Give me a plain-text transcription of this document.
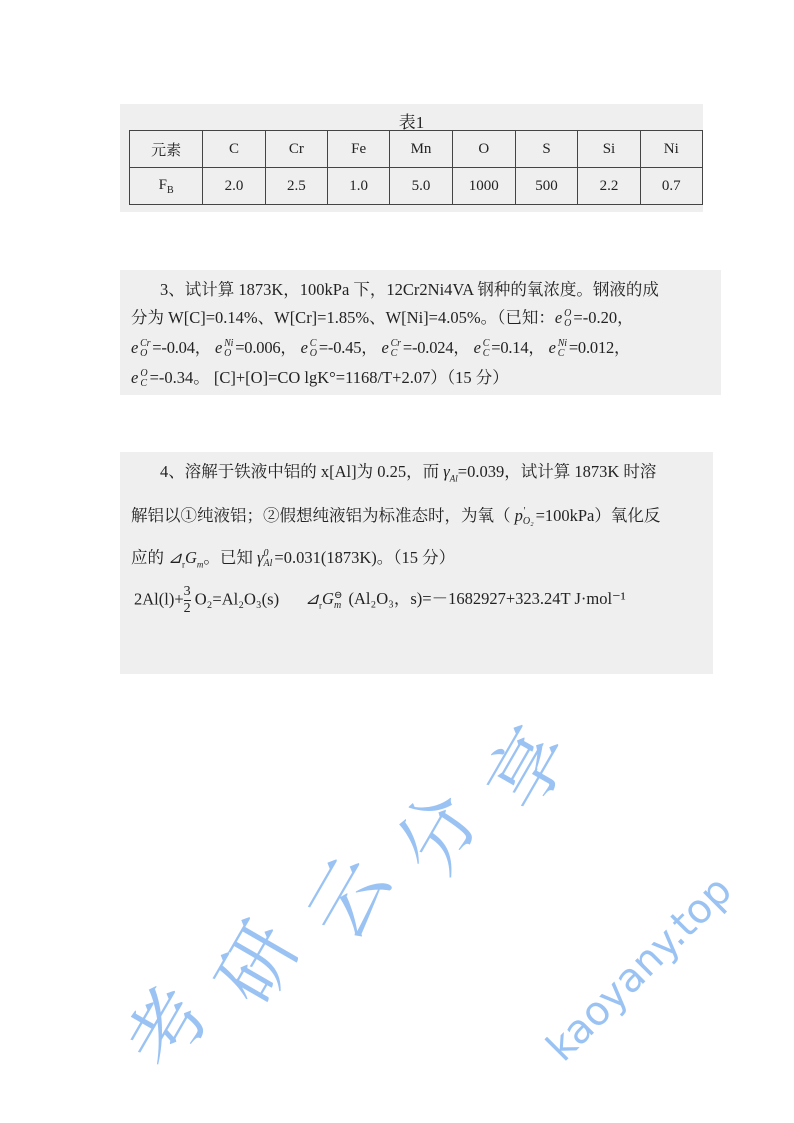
表1
元素	C	Cr	Fe	Mn	O	S	Si	Ni
$F_B$	2.0	2.5	1.0	5.0	1000	500	2.2	0.7
3、试计算 1873K，100kPa 下，12Cr2Ni4VA 钢种的氧浓度。钢液的成
分为 W[C]=0.14%、W[Cr]=1.85%、W[Ni]=4.05%。（已知：e O
O =-0.20，
e Cr
O =-0.04， e Ni
O =0.006， e C
O =-0.45， e Cr
C =-0.024， e C
C =0.14， e Ni
C =0.012，
e O
C =-0.34。 [C]+[O]=CO lgK°=1168/T+2.07）（15 分）
4、溶解于铁液中铝的 x[Al]为 0.25，而 $\gamma_{Al}=0.039$，试计算 1873K 时溶
解铝以①纯液铝；②假想纯液铝为标准态时，为氧（ p '
O₂ =100kPa）氧化反
应的 $⊿_rG_m$。已知 γ 0
Al =0.031(1873K)。（15 分）
$2Al(l)+ \frac{3}{2} O_2=Al_2O_3(s)$ $⊿_rG$ ⊖
m (Al₂O₃，s)=－1682927+323.24T J·mol⁻¹
考
研
云
分
享
kaoyany.top
